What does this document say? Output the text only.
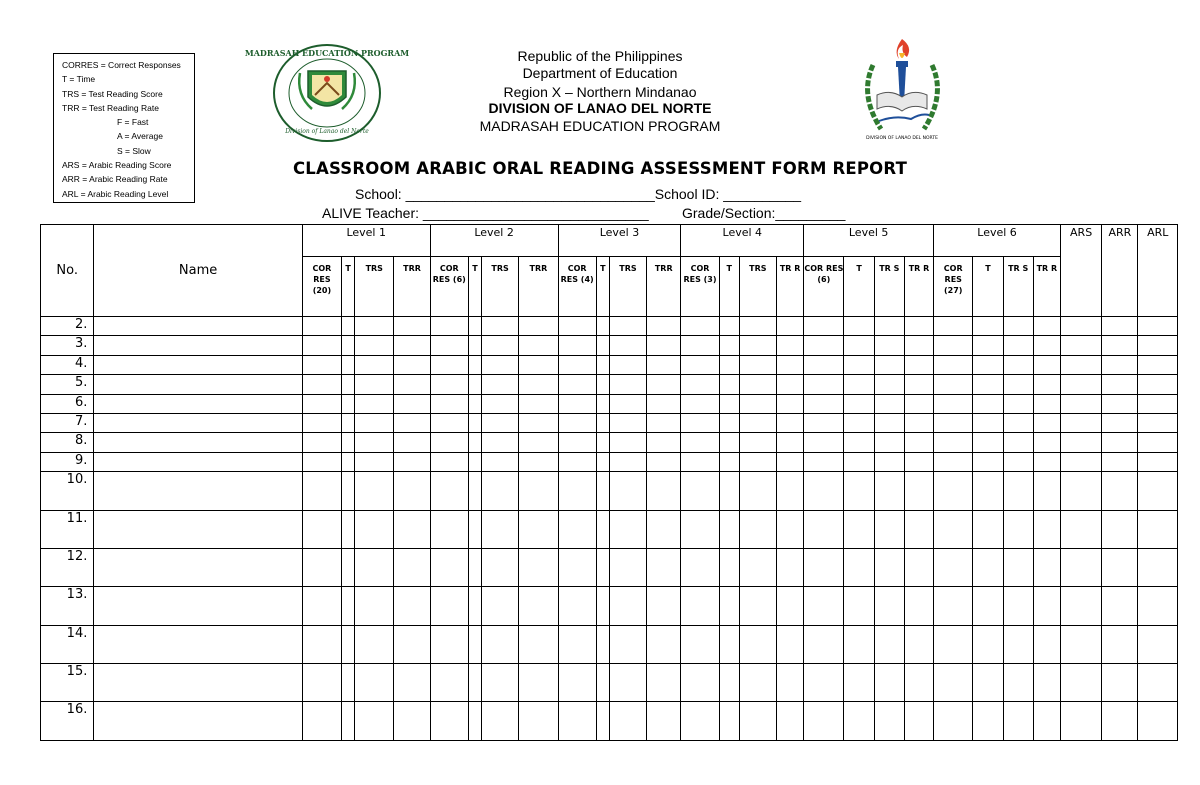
CORRES = Correct Responses
T = Time
TRS = Test Reading Score
TRR = Test Reading Rate
F = Fast
A = Average
S = Slow
ARS = Arabic Reading Score
ARR = Arabic Reading Rate
ARL = Arabic Reading Level
MADRASAH EDUCATION PROGRAM
Division of Lanao del Norte
DIVISION OF LANAO DEL NORTE
Republic of the Philippines
Department of Education
Region X – Northern Mindanao
DIVISION OF LANAO DEL NORTE
MADRASAH EDUCATION PROGRAM
CLASSROOM ARABIC ORAL READING ASSESSMENT FORM REPORT
School: ________________________________School ID: __________
ALIVE Teacher: _____________________________ Grade/Section:_________
No.	Name	Level 1				Level 2				Level 3				Level 4				Level 5				Level 6				ARS	ARR	ARL
		COR RES (20)	T	TRS	TRR	COR RES (6)	T	TRS	TRR	COR RES (4)	T	TRS	TRR	COR RES (3)	T	TRS	TR R	COR RES (6)	T	TR S	TR R	COR RES (27)	T	TR S	TR R			
2.																												
3.																												
4.																												
5.																												
6.																												
7.																												
8.																												
9.																												
10.																												
11.																												
12.																												
13.																												
14.																												
15.																												
16.																												
